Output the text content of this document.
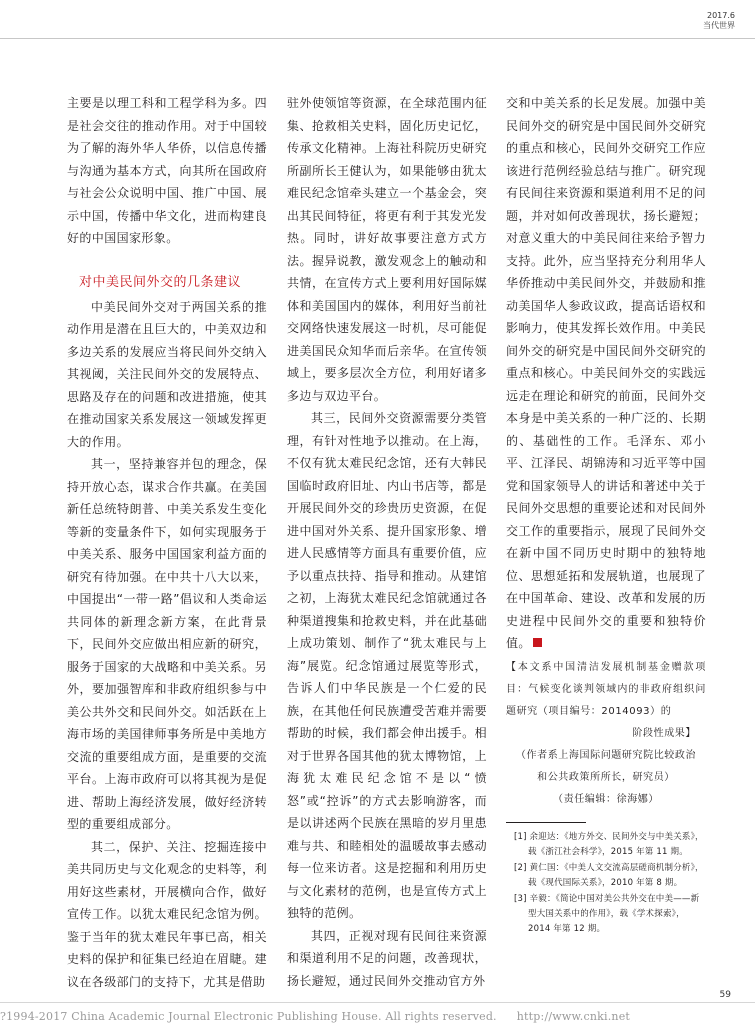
2017.6
当代世界

主要是以理工科和工程学科为多。四是社会交往的推动作用。对于中国较为了解的海外华人华侨，以信息传播与沟通为基本方式，向其所在国政府与社会公众说明中国、推广中国、展示中国，传播中华文化，进而构建良好的中国国家形象。

对中美民间外交的几条建议

中美民间外交对于两国关系的推动作用是潜在且巨大的，中美双边和多边关系的发展应当将民间外交纳入其视阈，关注民间外交的发展特点、思路及存在的问题和改进措施，使其在推动国家关系发展这一领域发挥更大的作用。

其一，坚持兼容并包的理念，保持开放心态，谋求合作共赢。在美国新任总统特朗普、中美关系发生变化等新的变量条件下，如何实现服务于中美关系、服务中国国家利益方面的研究有待加强。在中共十八大以来，中国提出“一带一路”倡议和人类命运共同体的新理念新方案，在此背景下，民间外交应做出相应新的研究，服务于国家的大战略和中美关系。另外，要加强智库和非政府组织参与中美公共外交和民间外交。如活跃在上海市场的美国律师事务所是中美地方交流的重要组成方面，是重要的交流平台。上海市政府可以将其视为是促进、帮助上海经济发展，做好经济转型的重要组成部分。

其二，保护、关注、挖掘连接中美共同历史与文化观念的史料等，利用好这些素材，开展横向合作，做好宣传工作。以犹太难民纪念馆为例。鉴于当年的犹太难民年事已高，相关史料的保护和征集已经迫在眉睫。建议在各级部门的支持下，尤其是借助

驻外使领馆等资源，在全球范围内征集、抢救相关史料，固化历史记忆，传承文化精神。上海社科院历史研究所副所长王健认为，如果能够由犹太难民纪念馆牵头建立一个基金会，突出其民间特征，将更有利于其发光发热。同时，讲好故事要注意方式方法。握异说教，激发观念上的触动和共情，在宣传方式上要利用好国际媒体和美国国内的媒体，利用好当前社交网络快速发展这一时机，尽可能促进美国民众知华而后亲华。在宣传领域上，要多层次全方位，利用好诸多多边与双边平台。

其三，民间外交资源需要分类管理，有针对性地予以推动。在上海，不仅有犹太难民纪念馆，还有大韩民国临时政府旧址、内山书店等，都是开展民间外交的珍贵历史资源，在促进中国对外关系、提升国家形象、增进人民感情等方面具有重要价值，应予以重点扶持、指导和推动。从建馆之初，上海犹太难民纪念馆就通过各种渠道搜集和抢救史料，并在此基础上成功策划、制作了“犹太难民与上海”展览。纪念馆通过展览等形式，告诉人们中华民族是一个仁爱的民族，在其他任何民族遭受苦难并需要帮助的时候，我们都会伸出援手。相对于世界各国其他的犹太博物馆，上海犹太难民纪念馆不是以“愤怒”或“控诉”的方式去影响游客，而是以讲述两个民族在黑暗的岁月里患难与共、和睦相处的温暖故事去感动每一位来访者。这是挖掘和利用历史与文化素材的范例，也是宣传方式上独特的范例。

其四，正视对现有民间往来资源和渠道利用不足的问题，改善现状，扬长避短，通过民间外交推动官方外

交和中美关系的长足发展。加强中美民间外交的研究是中国民间外交研究的重点和核心，民间外交研究工作应该进行范例经验总结与推广。研究现有民间往来资源和渠道利用不足的问题，并对如何改善现状，扬长避短；对意义重大的中美民间往来给予智力支持。此外，应当坚持充分利用华人华侨推动中美民间外交，并鼓励和推动美国华人参政议政，提高话语权和影响力，使其发挥长效作用。中美民间外交的研究是中国民间外交研究的重点和核心。中美民间外交的实践远远走在理论和研究的前面，民间外交本身是中美关系的一种广泛的、长期的、基础性的工作。毛泽东、邓小平、江泽民、胡锦涛和习近平等中国党和国家领导人的讲话和著述中关于民间外交思想的重要论述和对民间外交工作的重要指示，展现了民间外交在新中国不同历史时期中的独特地位、思想延拓和发展轨道，也展现了在中国革命、建设、改革和发展的历史进程中民间外交的重要和独特价值。

【本文系中国清洁发展机制基金赠款项目：气候变化谈判领域内的非政府组织问题研究（项目编号：2014093）的
阶段性成果】
（作者系上海国际问题研究院比较政治
和公共政策所所长，研究员）
（责任编辑：徐海娜）
[1] 余迎达：《地方外交、民间外交与中美关系》，载《浙江社会科学》，2015 年第 11 期。
[2] 黄仁国：《中美人文交流高层磋商机制分析》，载《现代国际关系》，2010 年第 8 期。
[3] 辛毅：《简论中国对美公共外交在中美——新型大国关系中的作用》，载《学术探索》，2014 年第 12 期。
59
?1994-2017 China Academic Journal Electronic Publishing House. All rights reserved. http://www.cnki.net
